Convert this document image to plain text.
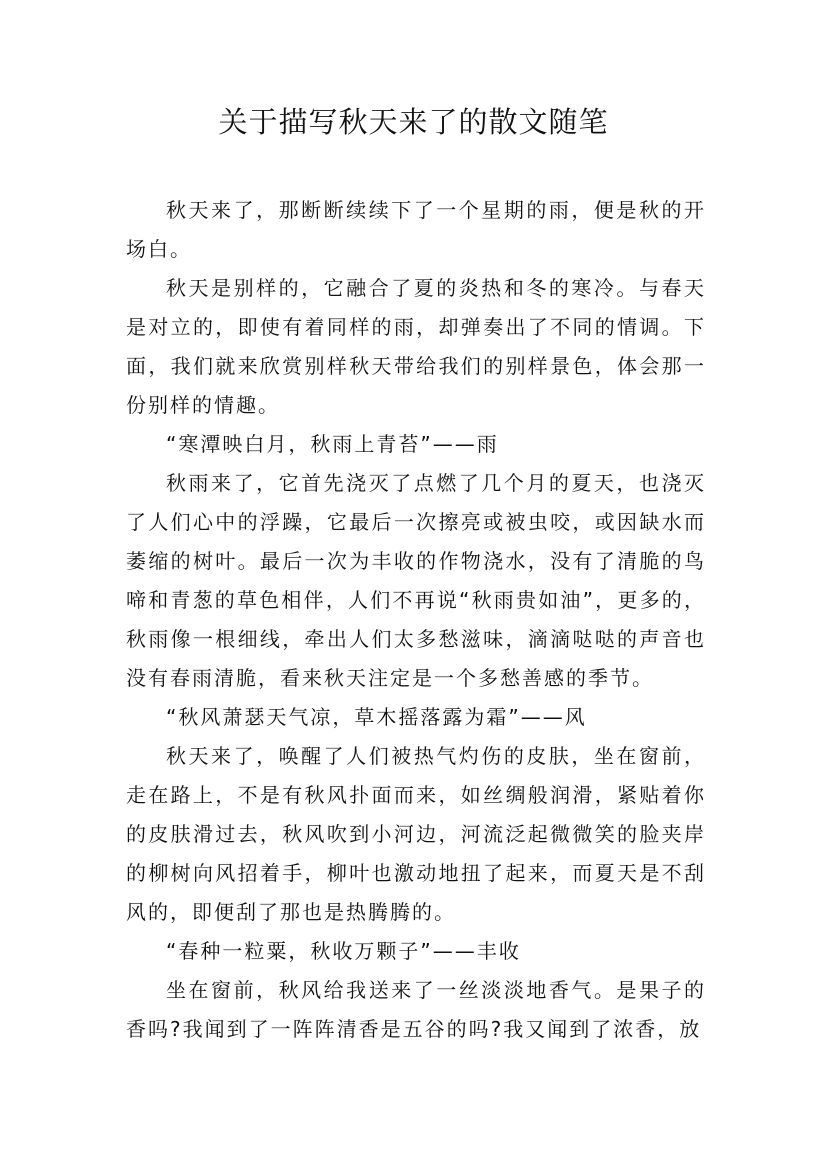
关于描写秋天来了的散文随笔

秋天来了，那断断续续下了一个星期的雨，便是秋的开场白。

秋天是别样的，它融合了夏的炎热和冬的寒冷。与春天是对立的，即使有着同样的雨，却弹奏出了不同的情调。下面，我们就来欣赏别样秋天带给我们的别样景色，体会那一份别样的情趣。

“寒潭映白月，秋雨上青苔”——雨

秋雨来了，它首先浇灭了点燃了几个月的夏天，也浇灭了人们心中的浮躁，它最后一次擦亮或被虫咬，或因缺水而萎缩的树叶。最后一次为丰收的作物浇水，没有了清脆的鸟啼和青葱的草色相伴，人们不再说“秋雨贵如油”，更多的，秋雨像一根细线，牵出人们太多愁滋味，滴滴哒哒的声音也没有春雨清脆，看来秋天注定是一个多愁善感的季节。

“秋风萧瑟天气凉，草木摇落露为霜”——风

秋天来了，唤醒了人们被热气灼伤的皮肤，坐在窗前，走在路上，不是有秋风扑面而来，如丝绸般润滑，紧贴着你的皮肤滑过去，秋风吹到小河边，河流泛起微微笑的脸夹岸的柳树向风招着手，柳叶也激动地扭了起来，而夏天是不刮风的，即便刮了那也是热腾腾的。

“春种一粒粟，秋收万颗子”——丰收

坐在窗前，秋风给我送来了一丝淡淡地香气。是果子的香吗?我闻到了一阵阵清香是五谷的吗?我又闻到了浓香，放
